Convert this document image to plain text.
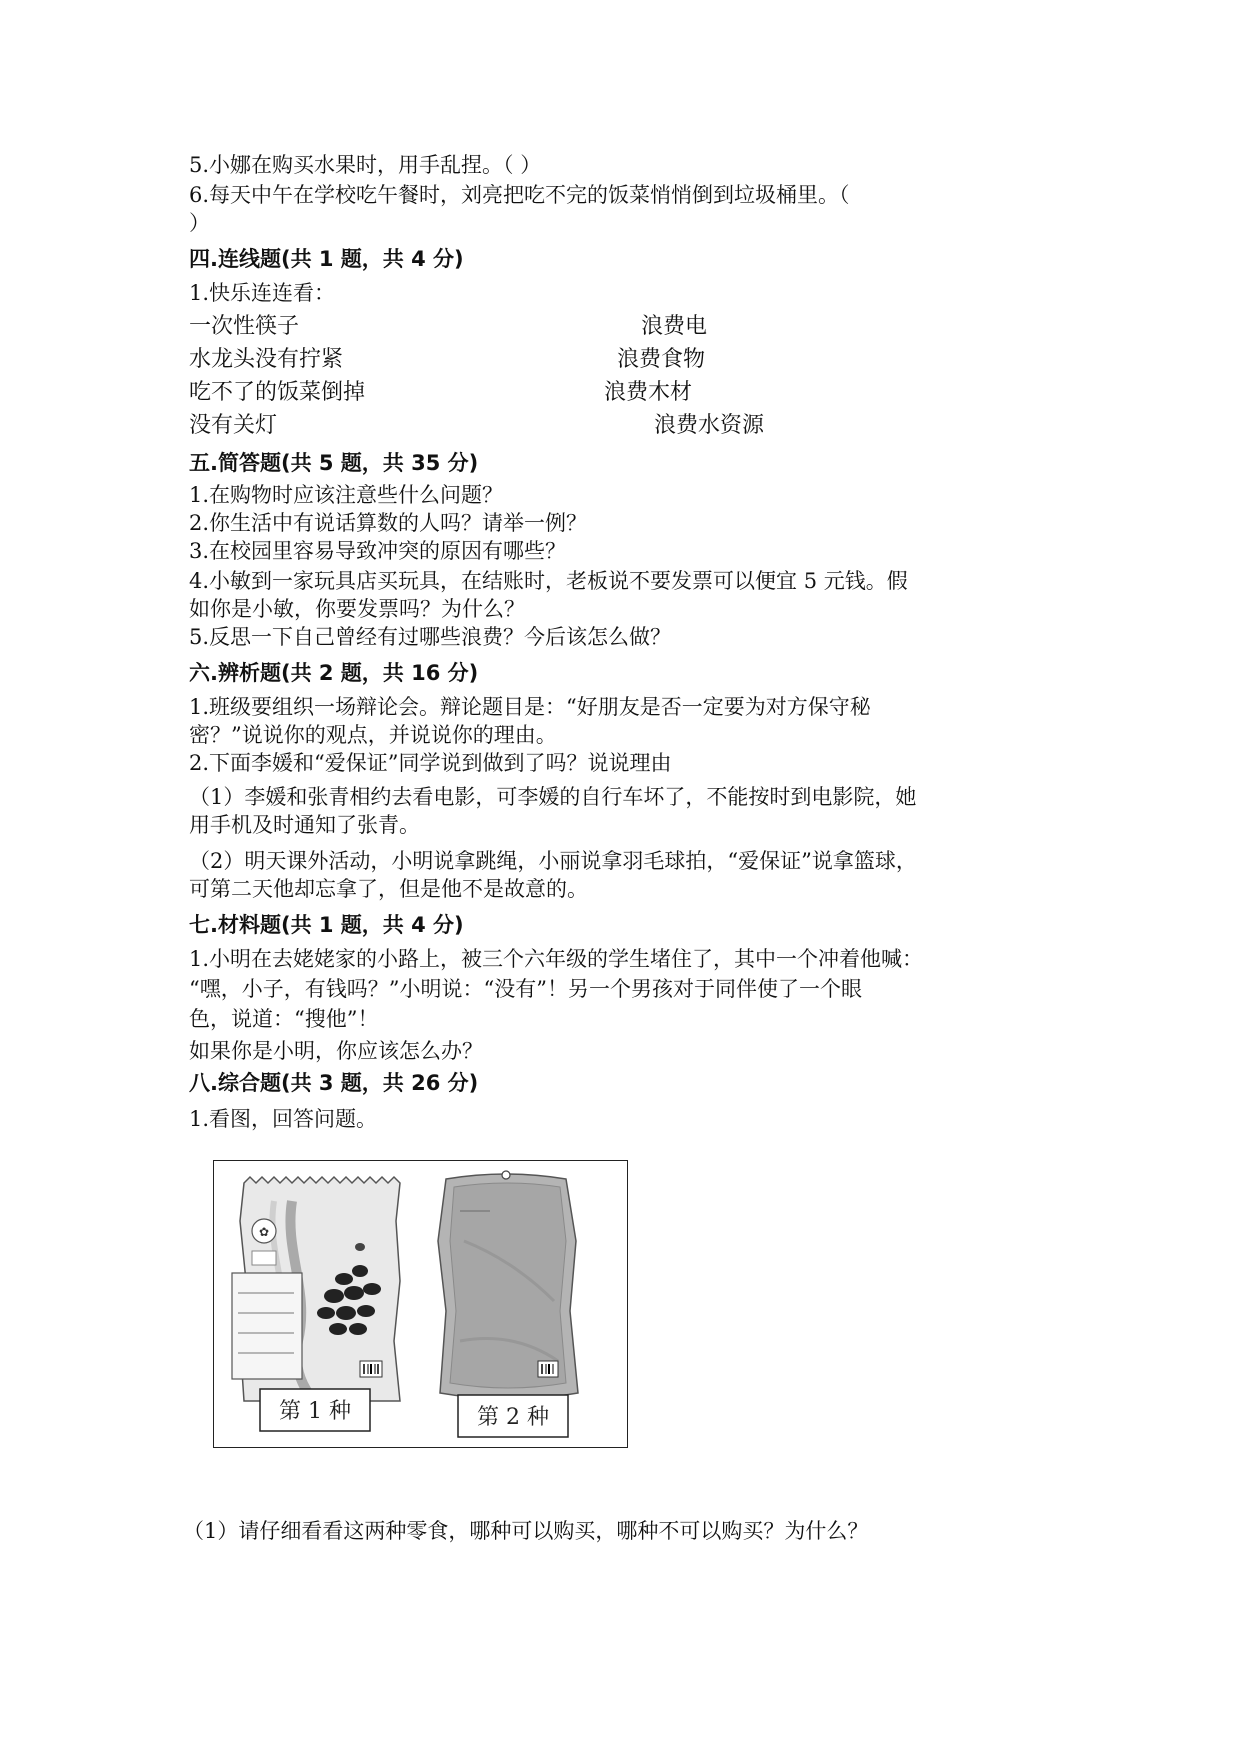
5.小娜在购买水果时，用手乱捏。（ ）
6.每天中午在学校吃午餐时，刘亮把吃不完的饭菜悄悄倒到垃圾桶里。（
）
四.连线题(共 1 题，共 4 分)
1.快乐连连看：
一次性筷子
水龙头没有拧紧
吃不了的饭菜倒掉
没有关灯
浪费电
浪费食物
浪费木材
浪费水资源
五.简答题(共 5 题，共 35 分)
1.在购物时应该注意些什么问题？
2.你生活中有说话算数的人吗？请举一例？
3.在校园里容易导致冲突的原因有哪些？
4.小敏到一家玩具店买玩具，在结账时，老板说不要发票可以便宜 5 元钱。假
如你是小敏，你要发票吗？为什么？
5.反思一下自己曾经有过哪些浪费？今后该怎么做？
六.辨析题(共 2 题，共 16 分)
1.班级要组织一场辩论会。辩论题目是：“好朋友是否一定要为对方保守秘
密？”说说你的观点，并说说你的理由。
2.下面李媛和“爱保证”同学说到做到了吗？说说理由
（1）李媛和张青相约去看电影，可李媛的自行车坏了，不能按时到电影院，她
用手机及时通知了张青。
（2）明天课外活动，小明说拿跳绳，小丽说拿羽毛球拍，“爱保证”说拿篮球，
可第二天他却忘拿了，但是他不是故意的。
七.材料题(共 1 题，共 4 分)
1.小明在去姥姥家的小路上，被三个六年级的学生堵住了，其中一个冲着他喊：
“嘿，小子，有钱吗？”小明说：“没有”！另一个男孩对于同伴使了一个眼
色，说道：“搜他”！
如果你是小明，你应该怎么办？
八.综合题(共 3 题，共 26 分)
1.看图，回答问题。
✿
第 1 种	第 2 种
（1）请仔细看看这两种零食，哪种可以购买，哪种不可以购买？为什么？
